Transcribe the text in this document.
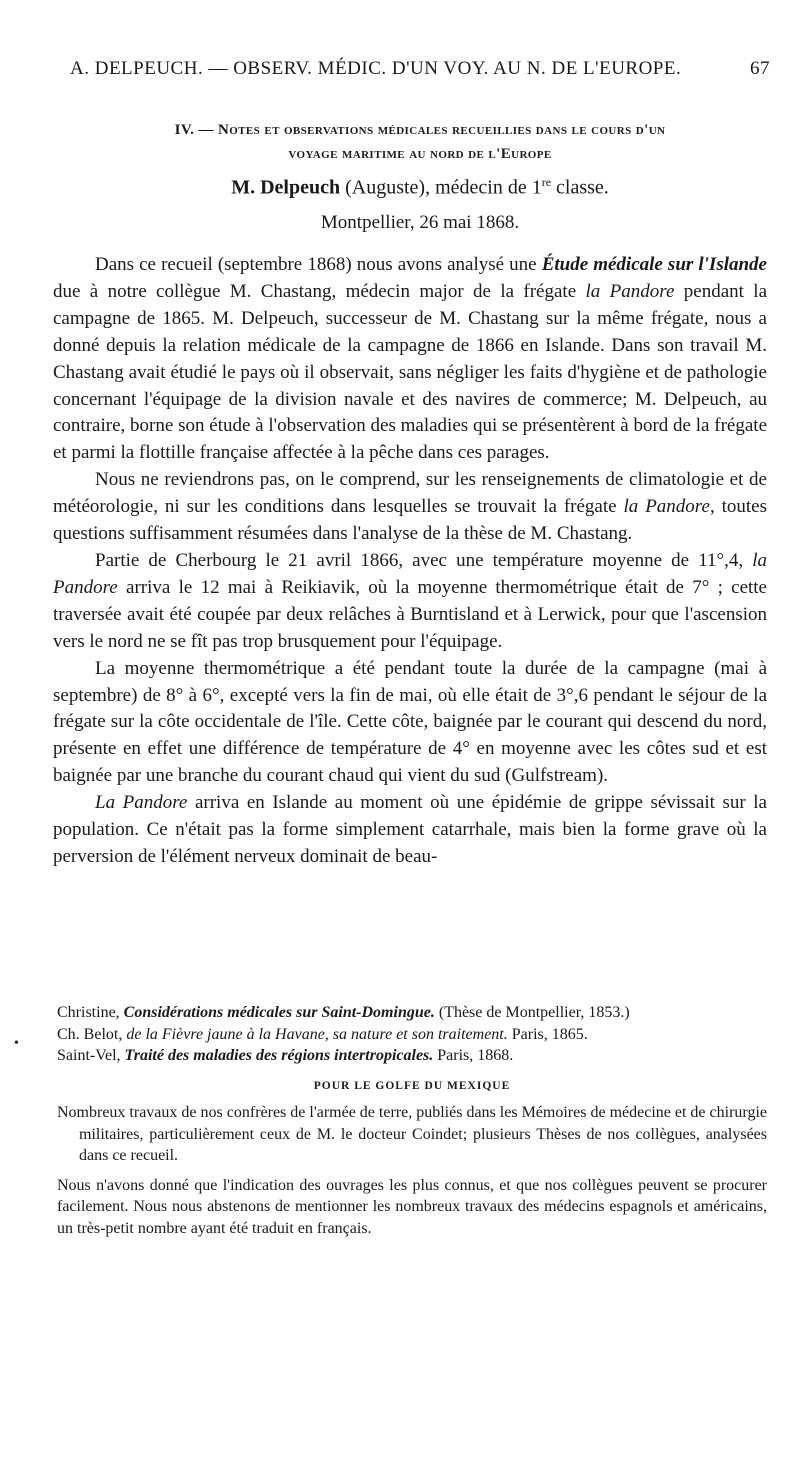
A. DELPEUCH. — OBSERV. MÉDIC. D'UN VOY. AU N. DE L'EUROPE.	67
IV. — Notes et observations médicales recueillies dans le cours d'un
voyage maritime au nord de l'Europe
M. Delpeuch (Auguste), médecin de 1re classe.
Montpellier, 26 mai 1868.

Dans ce recueil (septembre 1868) nous avons analysé une Étude médicale sur l'Islande due à notre collègue M. Chastang, médecin major de la frégate la Pandore pendant la campagne de 1865. M. Delpeuch, successeur de M. Chastang sur la même frégate, nous a donné depuis la relation médicale de la campagne de 1866 en Islande. Dans son travail M. Chastang avait étudié le pays où il observait, sans négliger les faits d'hygiène et de pathologie concernant l'équipage de la division navale et des navires de commerce; M. Delpeuch, au contraire, borne son étude à l'observation des maladies qui se présentèrent à bord de la frégate et parmi la flottille française affectée à la pêche dans ces parages.

Nous ne reviendrons pas, on le comprend, sur les renseignements de climatologie et de météorologie, ni sur les conditions dans lesquelles se trouvait la frégate la Pandore, toutes questions suffisamment résumées dans l'analyse de la thèse de M. Chastang.

Partie de Cherbourg le 21 avril 1866, avec une température moyenne de 11°,4, la Pandore arriva le 12 mai à Reikiavik, où la moyenne thermométrique était de 7° ; cette traversée avait été coupée par deux relâches à Burntisland et à Lerwick, pour que l'ascension vers le nord ne se fît pas trop brusquement pour l'équipage.

La moyenne thermométrique a été pendant toute la durée de la campagne (mai à septembre) de 8° à 6°, excepté vers la fin de mai, où elle était de 3°,6 pendant le séjour de la frégate sur la côte occidentale de l'île. Cette côte, baignée par le courant qui descend du nord, présente en effet une différence de température de 4° en moyenne avec les côtes sud et est baignée par une branche du courant chaud qui vient du sud (Gulfstream).

La Pandore arriva en Islande au moment où une épidémie de grippe sévissait sur la population. Ce n'était pas la forme simplement catarrhale, mais bien la forme grave où la perversion de l'élément nerveux dominait de beau-

•

Christine, Considérations médicales sur Saint-Domingue. (Thèse de Montpellier, 1853.)

Ch. Belot, de la Fièvre jaune à la Havane, sa nature et son traitement. Paris, 1865.

Saint-Vel, Traité des maladies des régions intertropicales. Paris, 1868.

POUR LE GOLFE DU MEXIQUE

Nombreux travaux de nos confrères de l'armée de terre, publiés dans les Mémoires de médecine et de chirurgie militaires, particulièrement ceux de M. le docteur Coindet; plusieurs Thèses de nos collègues, analysées dans ce recueil.

Nous n'avons donné que l'indication des ouvrages les plus connus, et que nos collègues peuvent se procurer facilement. Nous nous abstenons de mentionner les nombreux travaux des médecins espagnols et américains, un très-petit nombre ayant été traduit en français.
